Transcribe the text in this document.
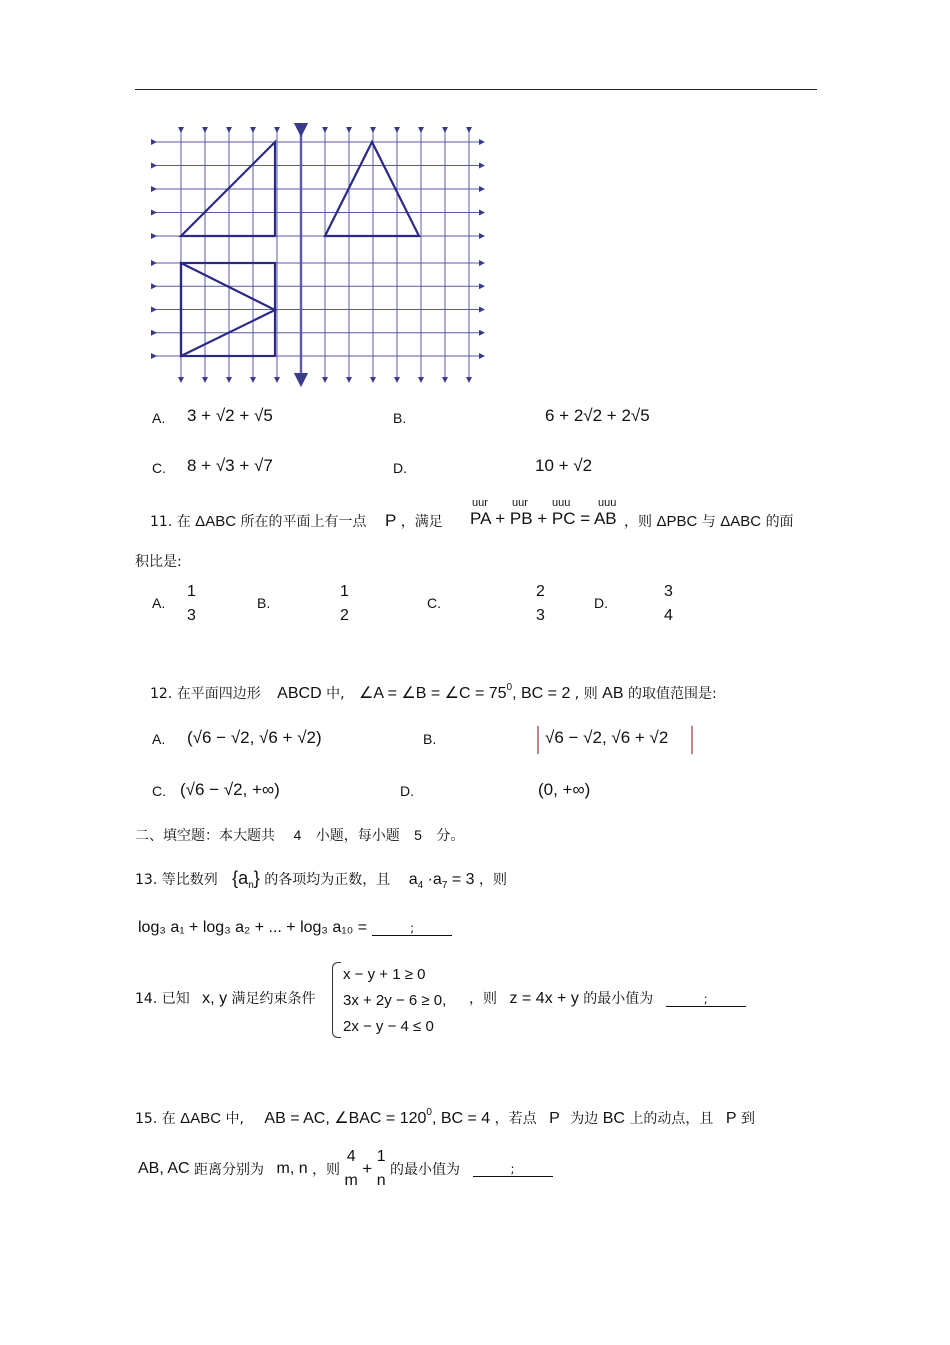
A. 3 + √2 + √5	B.	6 + 2√2 + 2√5
C. 8 + √3 + √7	D.	10 + √2
11. 在 ΔABC 所在的平面上有一点 P ，满足
uur uur uuu	uuu
PA + PB + PC = AB ，则 ΔPBC 与 ΔABC 的面
积比是:
A.
1
3
B.
1
2
C.
2
3
D.
3
4
12. 在平面四边形 ABCD 中, ∠A = ∠B = ∠C = $75^0$, BC = 2 , 则 AB 的取值范围是:
A. (√6 − √2, √6 + √2)	B.	√6 − √2, √6 + √2
C. (√6 − √2, +∞)	D.	(0, +∞)
二、填空题：本大题共 4 小题，每小题 5 分。
13. 等比数列 $\{a_n\}$ 的各项均为正数，且 $a_4 \cdot a_7 = 3$ ，则
log₃ a₁ + log₃ a₂ + ... + log₃ a₁₀ =	;
14. 已知 x, y 满足约束条件
x − y + 1 ≥ 0
3x + 2y − 6 ≥ 0,
2x − y − 4 ≤ 0
，则 z = 4x + y 的最小值为	;
15. 在 ΔABC 中, AB = AC, ∠BAC = $120^0$, BC = 4 ，若点 P 为边 BC 上的动点，且 P 到
AB, AC 距离分别为 m, n ，则
4
m
+
1
n
的最小值为	;
